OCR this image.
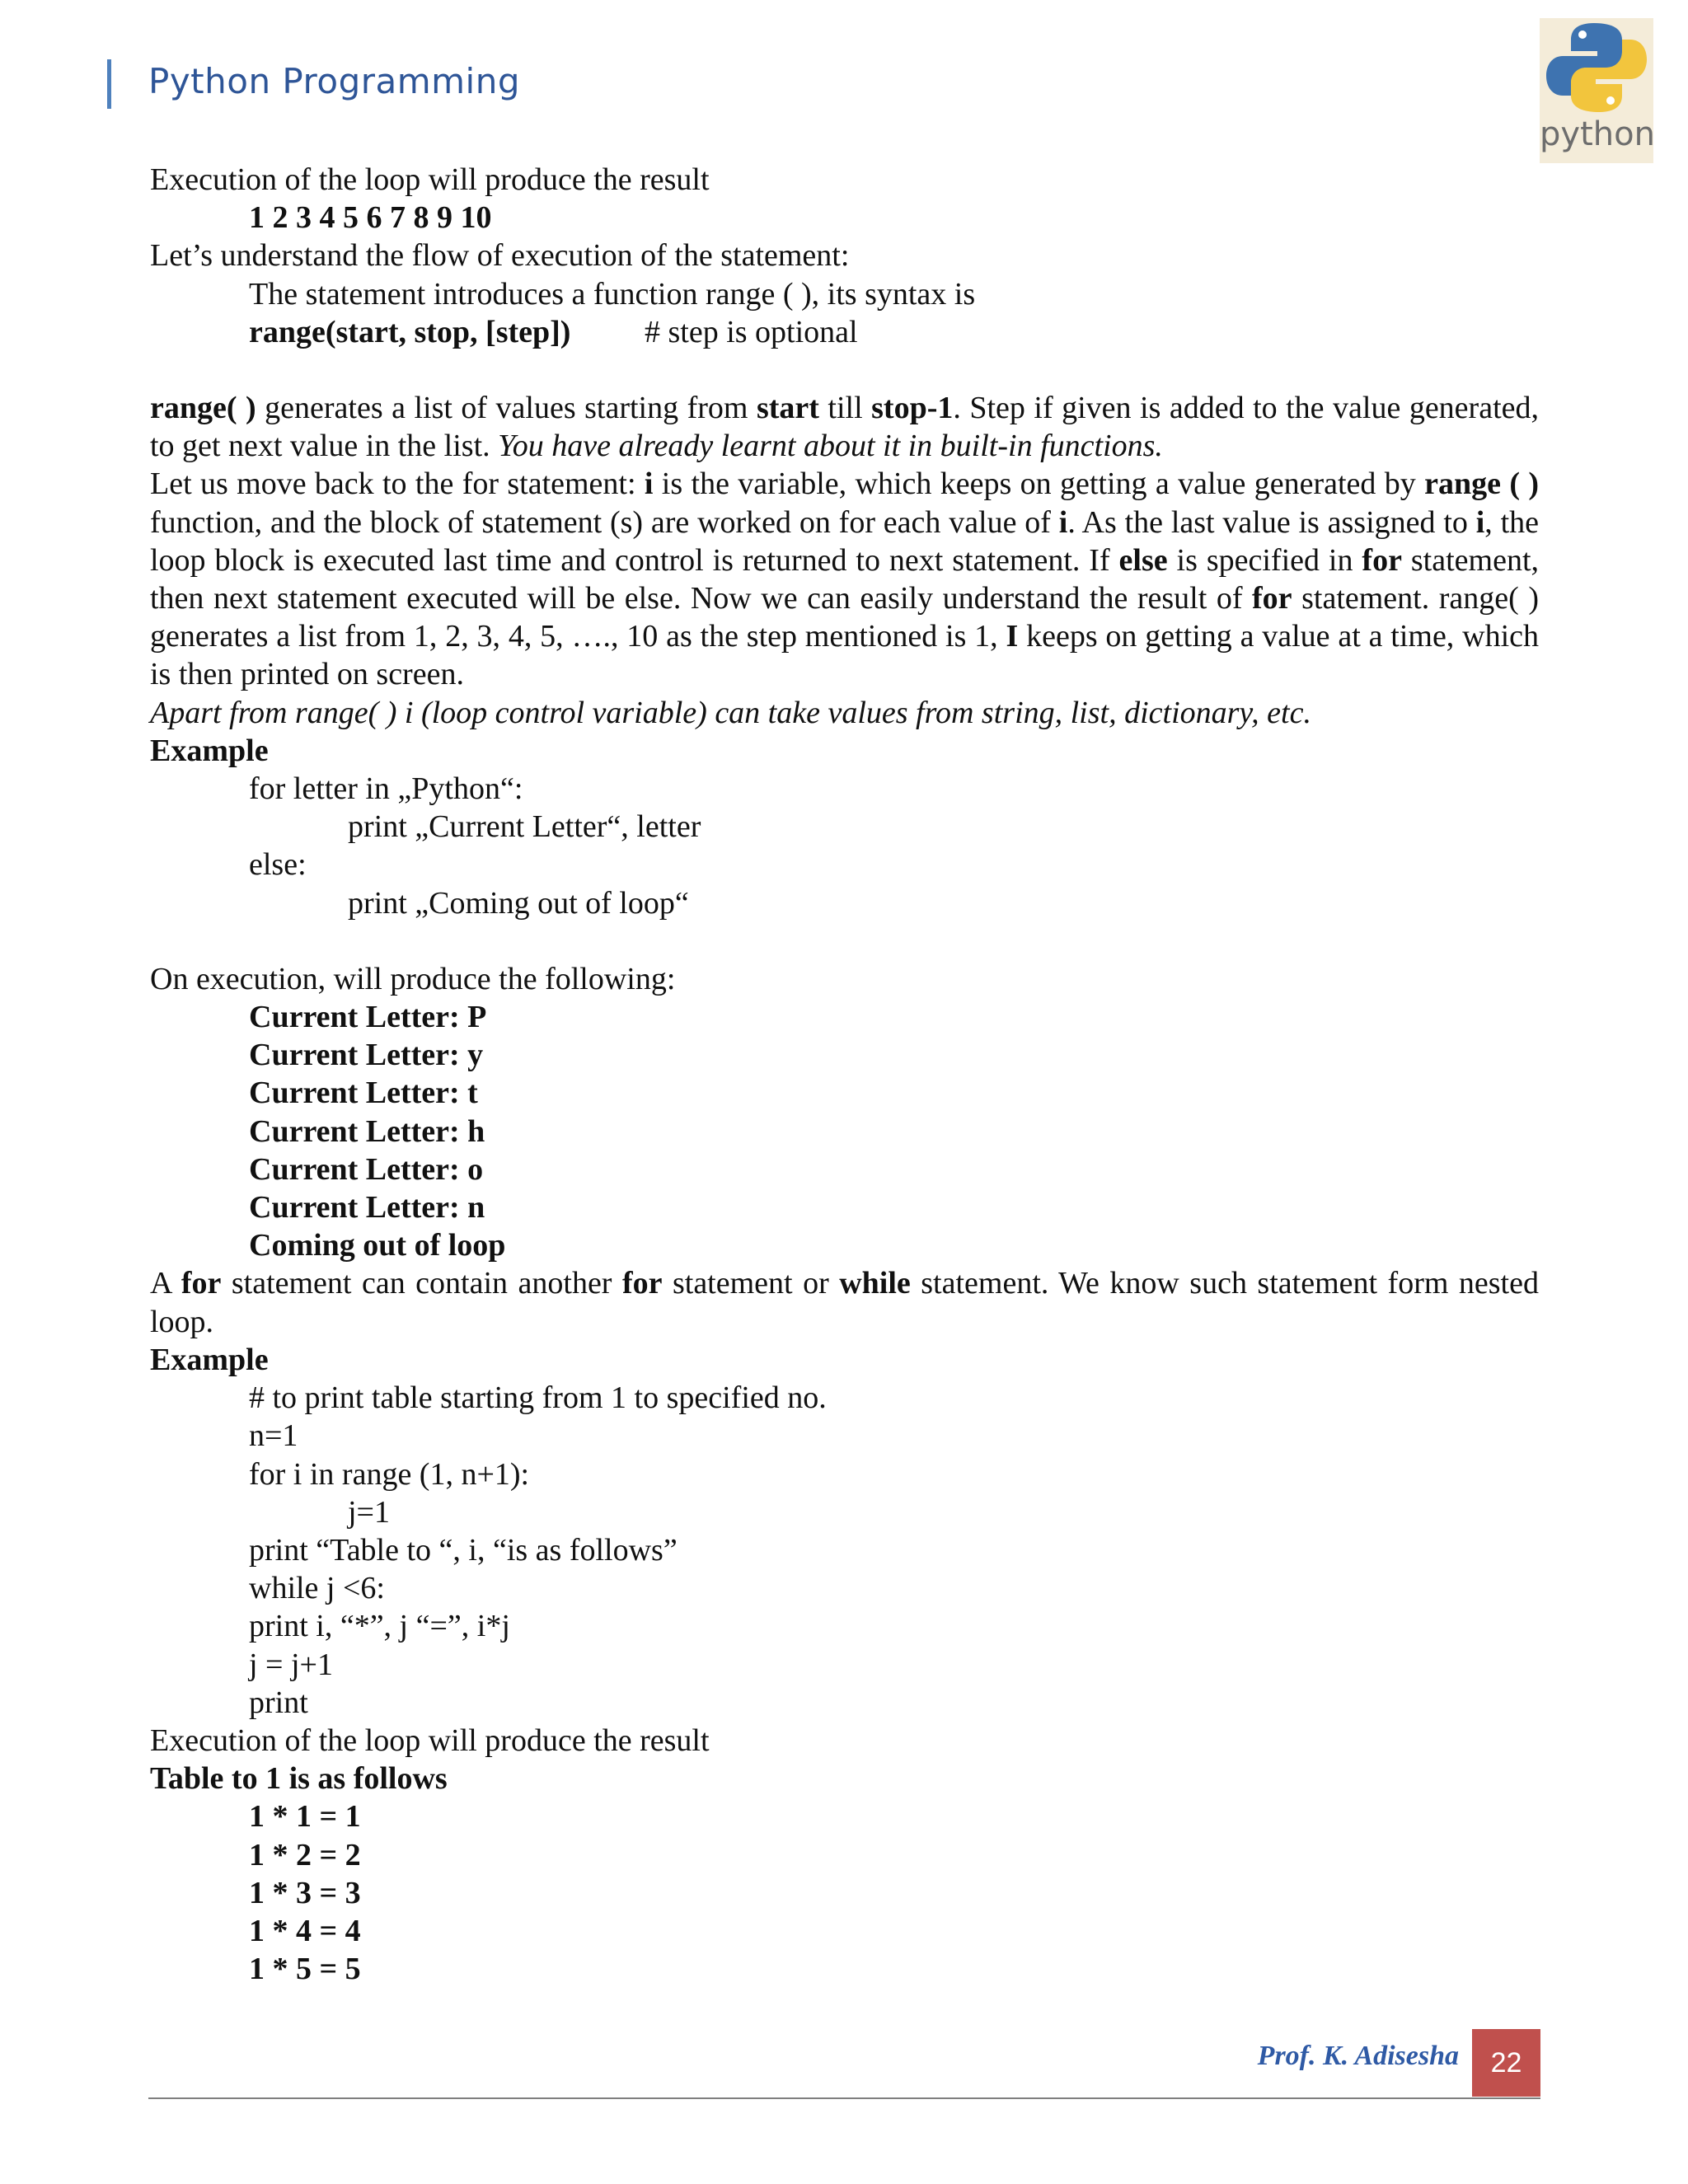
Python Programming
python
Execution of the loop will produce the result
1 2 3 4 5 6 7 8 9 10
Let’s understand the flow of execution of the statement:
The statement introduces a function range ( ), its syntax is
range(start, stop, [step]) # step is optional
range( ) generates a list of values starting from start till stop-1. Step if given is added to the value generated, to get next value in the list. You have already learnt about it in built-in functions.
Let us move back to the for statement: i is the variable, which keeps on getting a value generated by range ( ) function, and the block of statement (s) are worked on for each value of i. As the last value is assigned to i, the loop block is executed last time and control is returned to next statement. If else is specified in for statement, then next statement executed will be else. Now we can easily understand the result of for statement. range( ) generates a list from 1, 2, 3, 4, 5, …., 10 as the step mentioned is 1, I keeps on getting a value at a time, which is then printed on screen.
Apart from range( ) i (loop control variable) can take values from string, list, dictionary, etc.
Example
for letter in „Python“:
print „Current Letter“, letter
else:
print „Coming out of loop“
On execution, will produce the following:
Current Letter: P
Current Letter: y
Current Letter: t
Current Letter: h
Current Letter: o
Current Letter: n
Coming out of loop
A for statement can contain another for statement or while statement. We know such statement form nested loop.
Example
# to print table starting from 1 to specified no.
n=1
for i in range (1, n+1):
j=1
print “Table to “, i, “is as follows”
while j <6:
print i, “*”, j “=”, i*j
j = j+1
print
Execution of the loop will produce the result
Table to 1 is as follows
1 * 1 = 1
1 * 2 = 2
1 * 3 = 3
1 * 4 = 4
1 * 5 = 5
Prof. K. Adisesha	22
